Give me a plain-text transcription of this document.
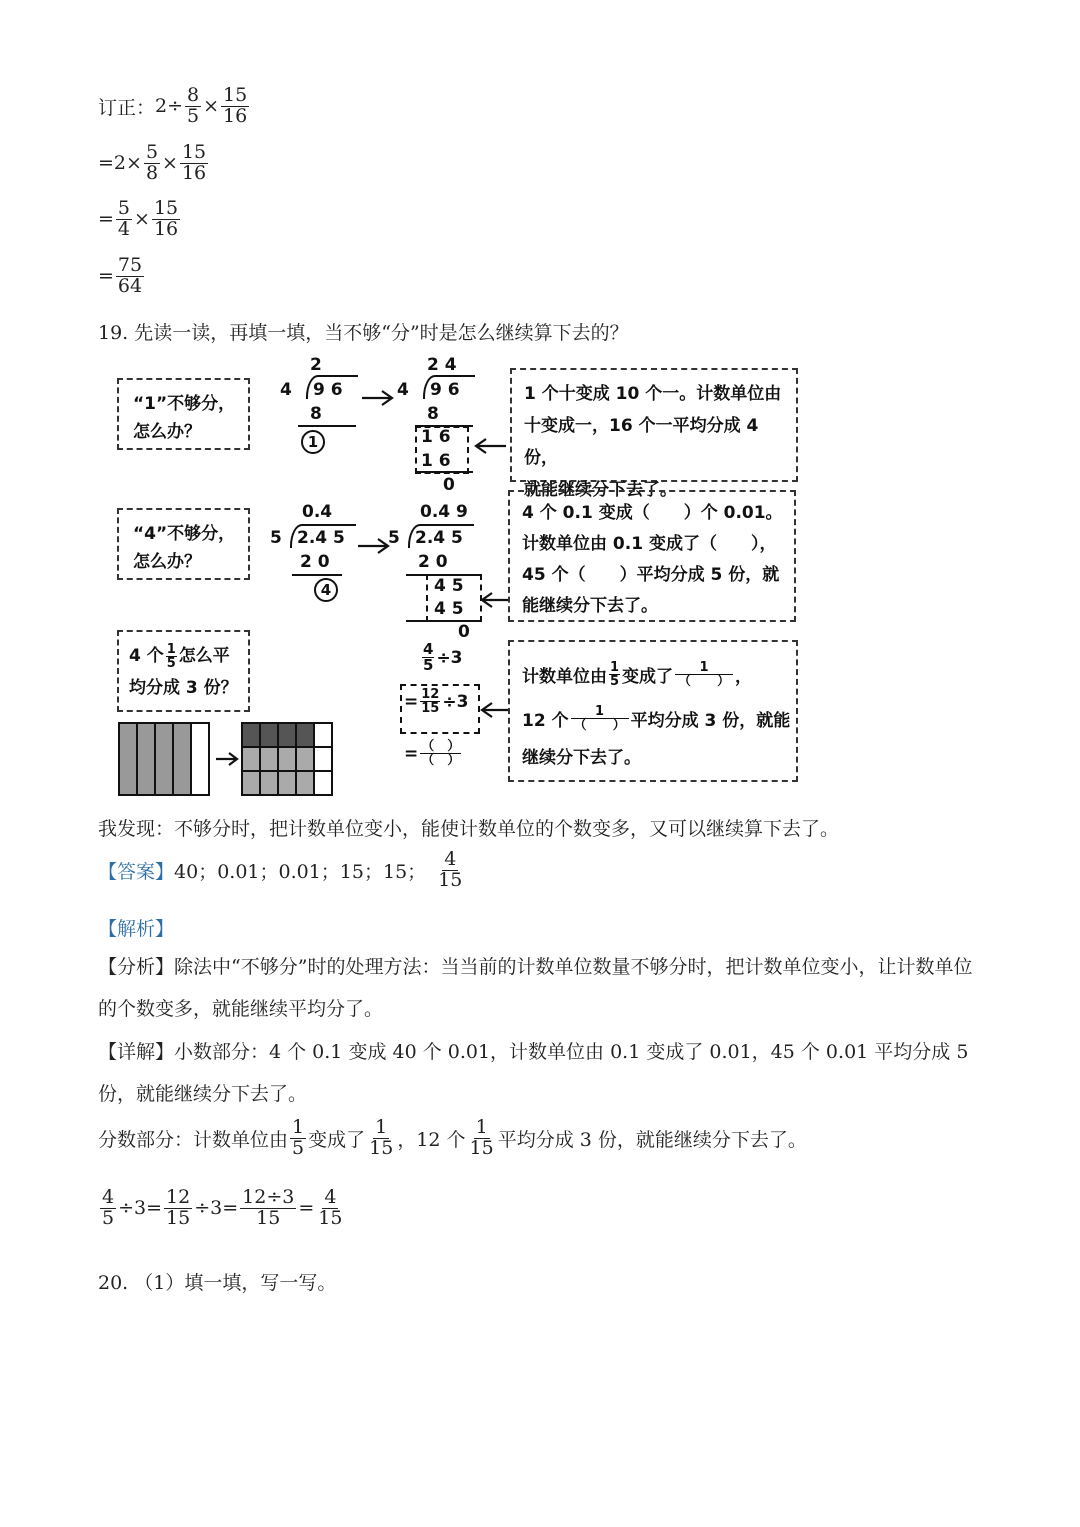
订正： $2\div \frac{8}{5} \times \frac{15}{16}$
$=2\times \frac{5}{8} \times \frac{15}{16}$
= $\frac{5}{4} \times \frac{15}{16}$
= $\frac{75}{64}$
19. 先读一读，再填一填，当不够“分”时是怎么继续算下去的？
“1”不够分，
怎么办？
2
4 9 6
8
1
2 4
4 9 6
8
1 6
1 6
0
1 个十变成 10 个一。计数单位由
十变成一，16 个一平均分成 4 份，
就能继续分下去了。
“4”不够分，
怎么办？
0.4
5 2.4 5
2 0
4
0.4 9
5 2.4 5
2 0
4 5
4 5
0
4 个 0.1 变成（　　）个 0.01。
计数单位由 0.1 变成了（　　），
45 个（　　）平均分成 5 份，就
能继续分下去了。
4 个 1
5 怎么平
均分成 3 份？
$\frac{4}{5} \div 3$
= $\frac{12}{15} \div 3$
= （　）
（　）
计数单位由 1
5 变成了	1
（　　） ，
12 个	1
（　　） 平均分成 3 份，就能
继续分下去了。
我发现：不够分时，把计数单位变小，能使计数单位的个数变多，又可以继续算下去了。
【答案】 40；0.01；0.01；15；15；
4
15
【解析】
【分析】除法中“不够分”时的处理方法：当当前的计数单位数量不够分时，把计数单位变小，让计数单位的个数变多，就能继续平均分了。
【详解】小数部分：4 个 0.1 变成 40 个 0.01，计数单位由 0.1 变成了 0.01，45 个 0.01 平均分成 5 份，就能继续分下去了。
分数部分：计数单位由
1
5 变成了
1
15 ，12 个
1
15 平均分成 3 份，就能继续分下去了。
$\frac{4}{5} \div 3= \frac{12}{15} \div 3= \frac{12\div 3}{15} = \frac{4}{15}$
20. （1）填一填，写一写。
